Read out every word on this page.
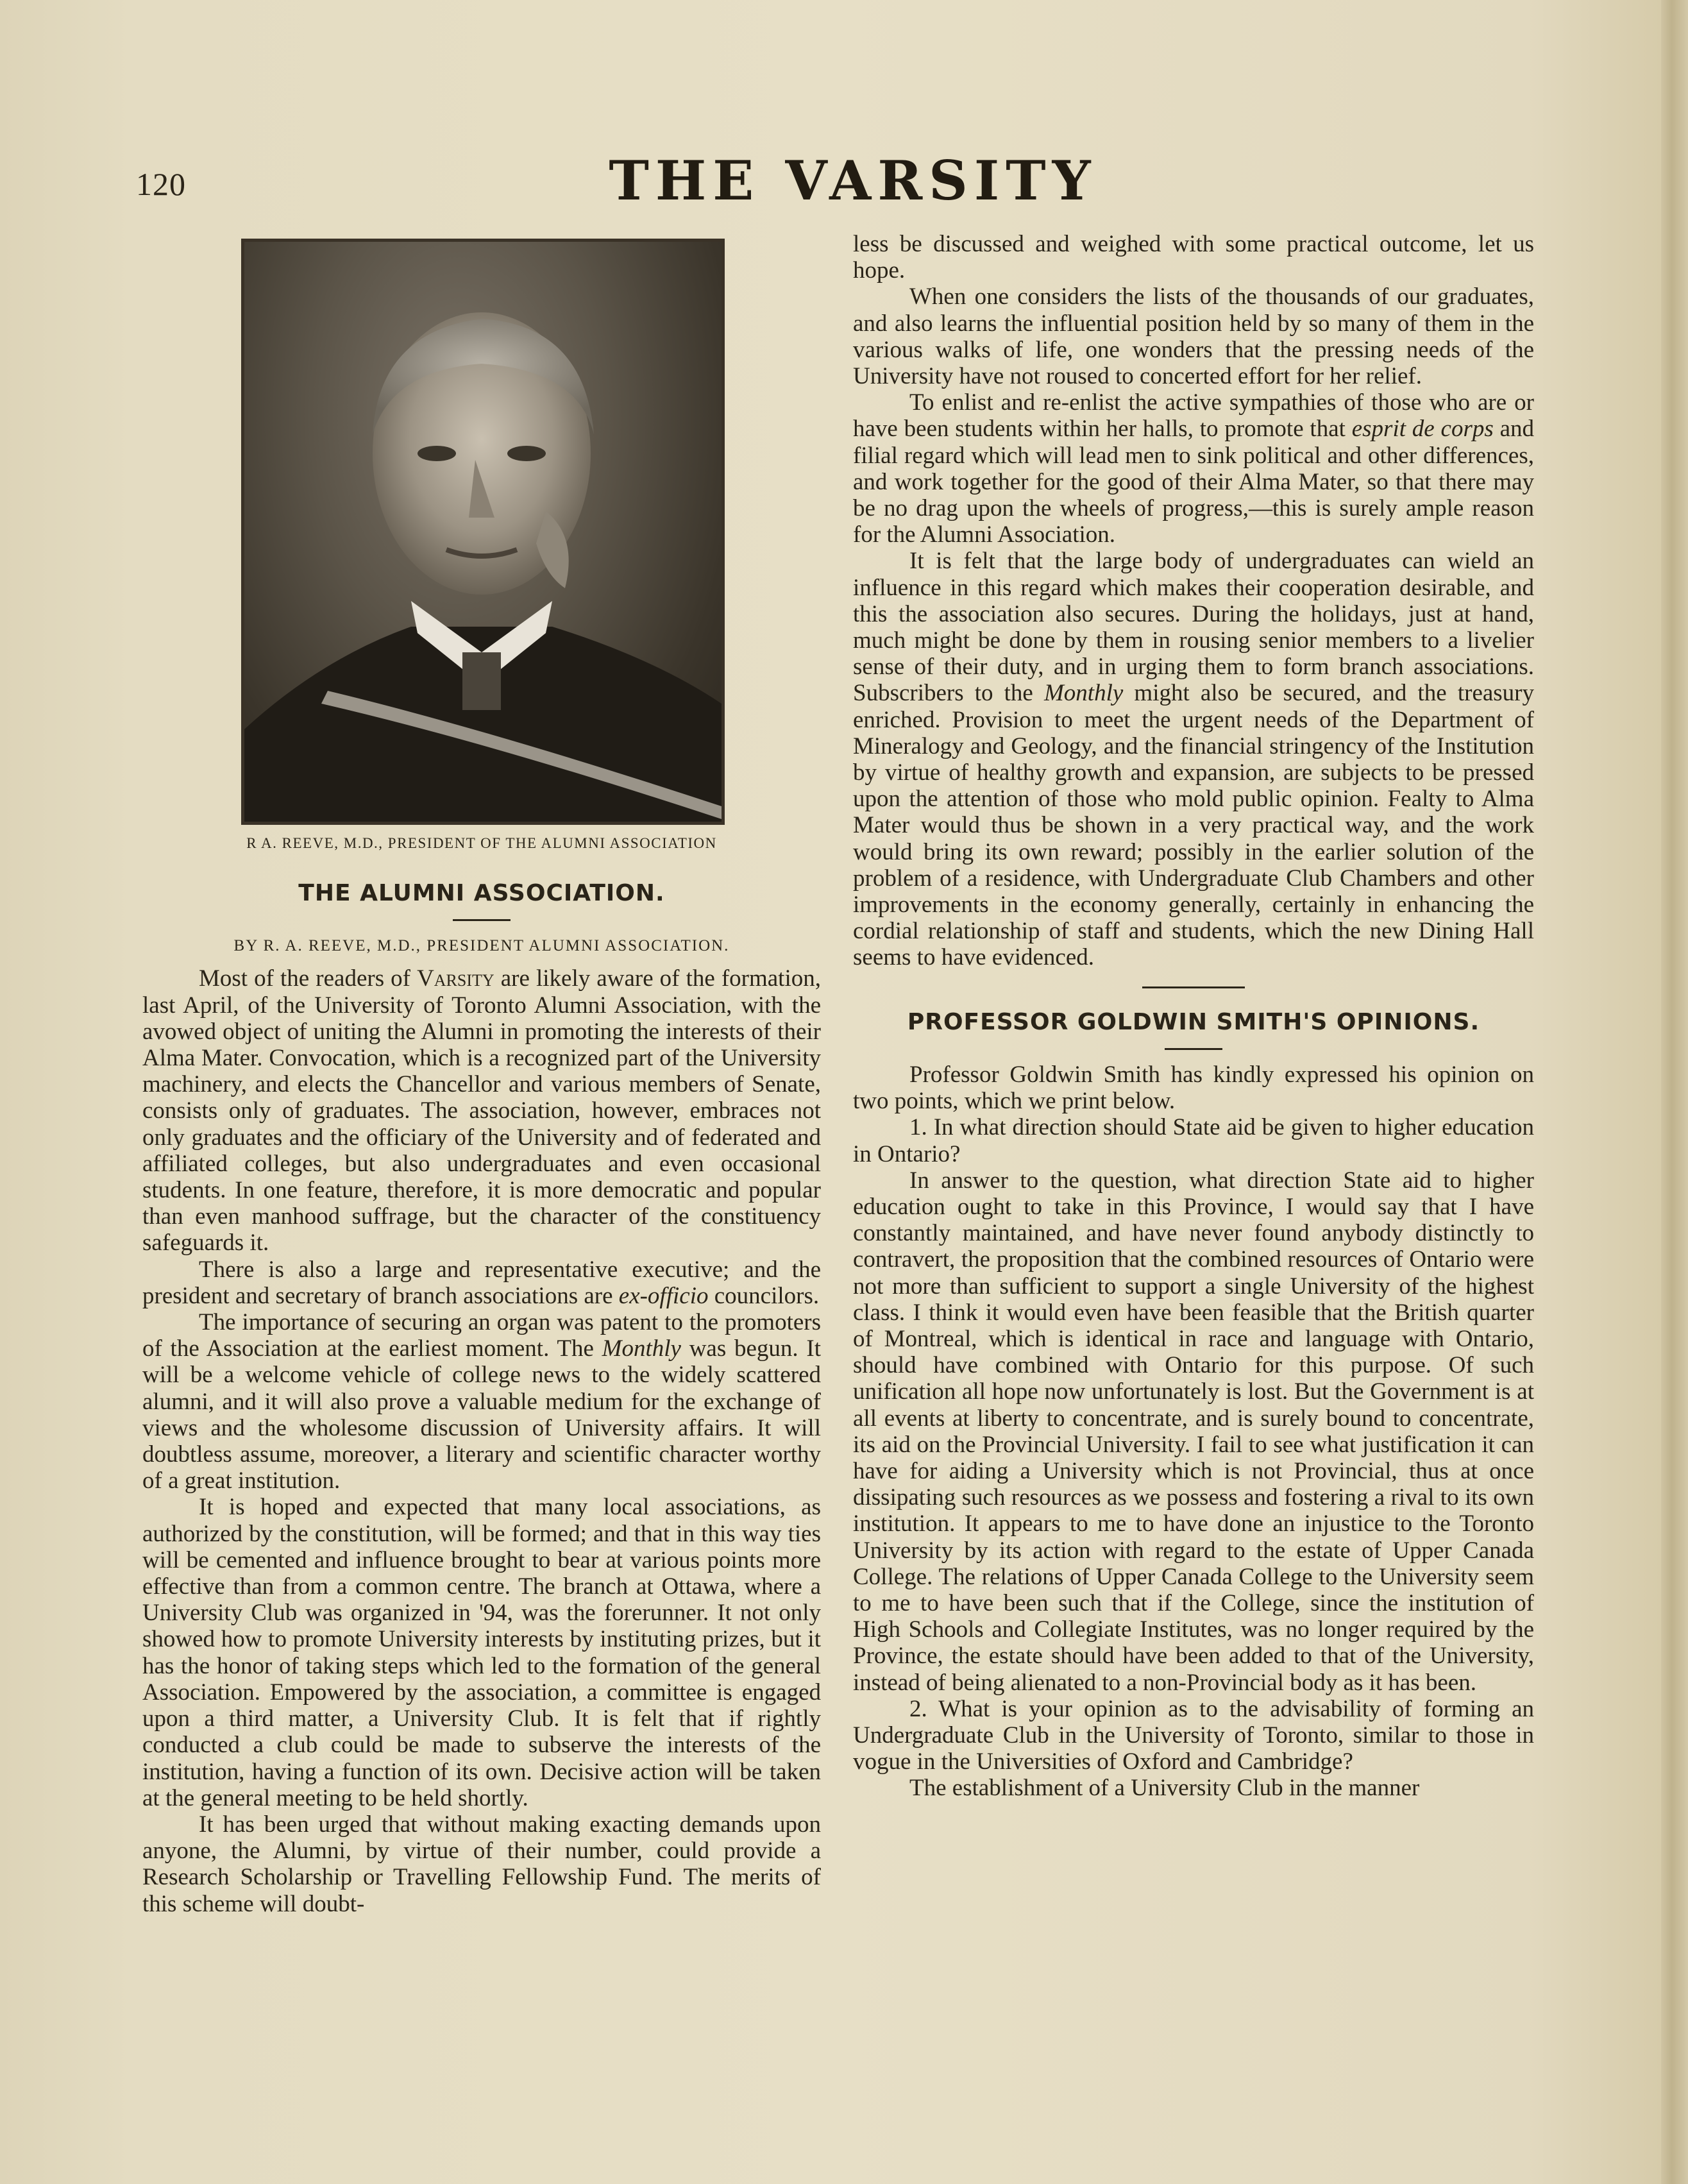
120	THE VARSITY
R A. REEVE, M.D., PRESIDENT OF THE ALUMNI ASSOCIATION
THE ALUMNI ASSOCIATION.
BY R. A. REEVE, M.D., PRESIDENT ALUMNI ASSOCIATION.

Most of the readers of Varsity are likely aware of the formation, last April, of the University of Toronto Alumni Association, with the avowed object of uniting the Alumni in promoting the interests of their Alma Mater. Convocation, which is a recognized part of the University machinery, and elects the Chancellor and various members of Senate, consists only of graduates. The association, however, embraces not only graduates and the officiary of the University and of federated and affiliated colleges, but also undergraduates and even occasional students. In one feature, therefore, it is more democratic and popular than even manhood suffrage, but the character of the constituency safeguards it.

There is also a large and representative executive; and the president and secretary of branch associations are ex-officio councilors.

The importance of securing an organ was patent to the promoters of the Association at the earliest moment. The Monthly was begun. It will be a welcome vehicle of college news to the widely scattered alumni, and it will also prove a valuable medium for the exchange of views and the wholesome discussion of University affairs. It will doubtless assume, moreover, a literary and scientific character worthy of a great institution.

It is hoped and expected that many local associations, as authorized by the constitution, will be formed; and that in this way ties will be cemented and influence brought to bear at various points more effective than from a common centre. The branch at Ottawa, where a University Club was organized in '94, was the forerunner. It not only showed how to promote University interests by instituting prizes, but it has the honor of taking steps which led to the formation of the general Association. Empowered by the association, a committee is engaged upon a third matter, a University Club. It is felt that if rightly conducted a club could be made to subserve the interests of the institution, having a function of its own. Decisive action will be taken at the general meeting to be held shortly.

It has been urged that without making exacting demands upon anyone, the Alumni, by virtue of their number, could provide a Research Scholarship or Travelling Fellowship Fund. The merits of this scheme will doubt-

less be discussed and weighed with some practical outcome, let us hope.

When one considers the lists of the thousands of our graduates, and also learns the influential position held by so many of them in the various walks of life, one wonders that the pressing needs of the University have not roused to concerted effort for her relief.

To enlist and re-enlist the active sympathies of those who are or have been students within her halls, to promote that esprit de corps and filial regard which will lead men to sink political and other differences, and work together for the good of their Alma Mater, so that there may be no drag upon the wheels of progress,—this is surely ample reason for the Alumni Association.

It is felt that the large body of undergraduates can wield an influence in this regard which makes their cooperation desirable, and this the association also secures. During the holidays, just at hand, much might be done by them in rousing senior members to a livelier sense of their duty, and in urging them to form branch associations. Subscribers to the Monthly might also be secured, and the treasury enriched. Provision to meet the urgent needs of the Department of Mineralogy and Geology, and the financial stringency of the Institution by virtue of healthy growth and expansion, are subjects to be pressed upon the attention of those who mold public opinion. Fealty to Alma Mater would thus be shown in a very practical way, and the work would bring its own reward; possibly in the earlier solution of the problem of a residence, with Undergraduate Club Chambers and other improvements in the economy generally, certainly in enhancing the cordial relationship of staff and students, which the new Dining Hall seems to have evidenced.

PROFESSOR GOLDWIN SMITH'S OPINIONS.

Professor Goldwin Smith has kindly expressed his opinion on two points, which we print below.

1. In what direction should State aid be given to higher education in Ontario?

In answer to the question, what direction State aid to higher education ought to take in this Province, I would say that I have constantly maintained, and have never found anybody distinctly to contravert, the proposition that the combined resources of Ontario were not more than sufficient to support a single University of the highest class. I think it would even have been feasible that the British quarter of Montreal, which is identical in race and language with Ontario, should have combined with Ontario for this purpose. Of such unification all hope now unfortunately is lost. But the Government is at all events at liberty to concentrate, and is surely bound to concentrate, its aid on the Provincial University. I fail to see what justification it can have for aiding a University which is not Provincial, thus at once dissipating such resources as we possess and fostering a rival to its own institution. It appears to me to have done an injustice to the Toronto University by its action with regard to the estate of Upper Canada College. The relations of Upper Canada College to the University seem to me to have been such that if the College, since the institution of High Schools and Collegiate Institutes, was no longer required by the Province, the estate should have been added to that of the University, instead of being alienated to a non-Provincial body as it has been.

2. What is your opinion as to the advisability of forming an Undergraduate Club in the University of Toronto, similar to those in vogue in the Universities of Oxford and Cambridge?

The establishment of a University Club in the manner
